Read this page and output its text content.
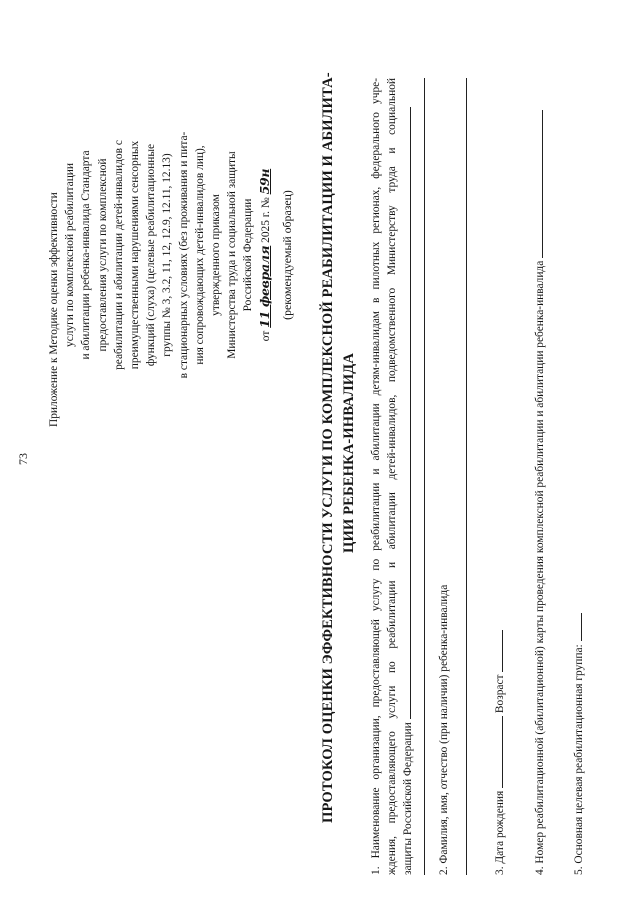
73
Приложение к Методике оценки эффективности услуги по комплексной реабилитации и абилитации ребенка-инвалида Стандарта предоставления услуги по комплексной реабилитации и абилитации детей-инвалидов с преимущественными нарушениями сенсорных функций (слуха) (целевые реабилитационные группы № 3, 3.2, 11, 12, 12.9, 12.11, 12.13) в стационарных условиях (без проживания и пита- ния сопровождающих детей-инвалидов лиц), утвержденного приказом Министерства труда и социальной защиты Российской Федерации
от 11 февраля 2025 г. № 59н
(рекомендуемый образец) ПРОТОКОЛ ОЦЕНКИ ЭФФЕКТИВНОСТИ УСЛУГИ ПО КОМПЛЕКСНОЙ РЕАБИЛИТАЦИИ И АБИЛИТА- ЦИИ РЕБЕНКА-ИНВАЛИДА 1. Наименование организации, предоставляющей услугу по реабилитации и абилитации детям-инвалидам в пилотных регионах, федерального учре- ждения, предоставляющего услуги по реабилитации и абилитации детей-инвалидов, подведомственного Министерству труда и социальной защиты Российской Федерации 2. Фамилия, имя, отчество (при наличии) ребенка-инвалида	3. Дата рождения  Возраст 4. Номер реабилитационной (абилитационной) карты проведения комплексной реабилитации и абилитации ребенка-инвалида 5. Основная целевая реабилитационная группа:
